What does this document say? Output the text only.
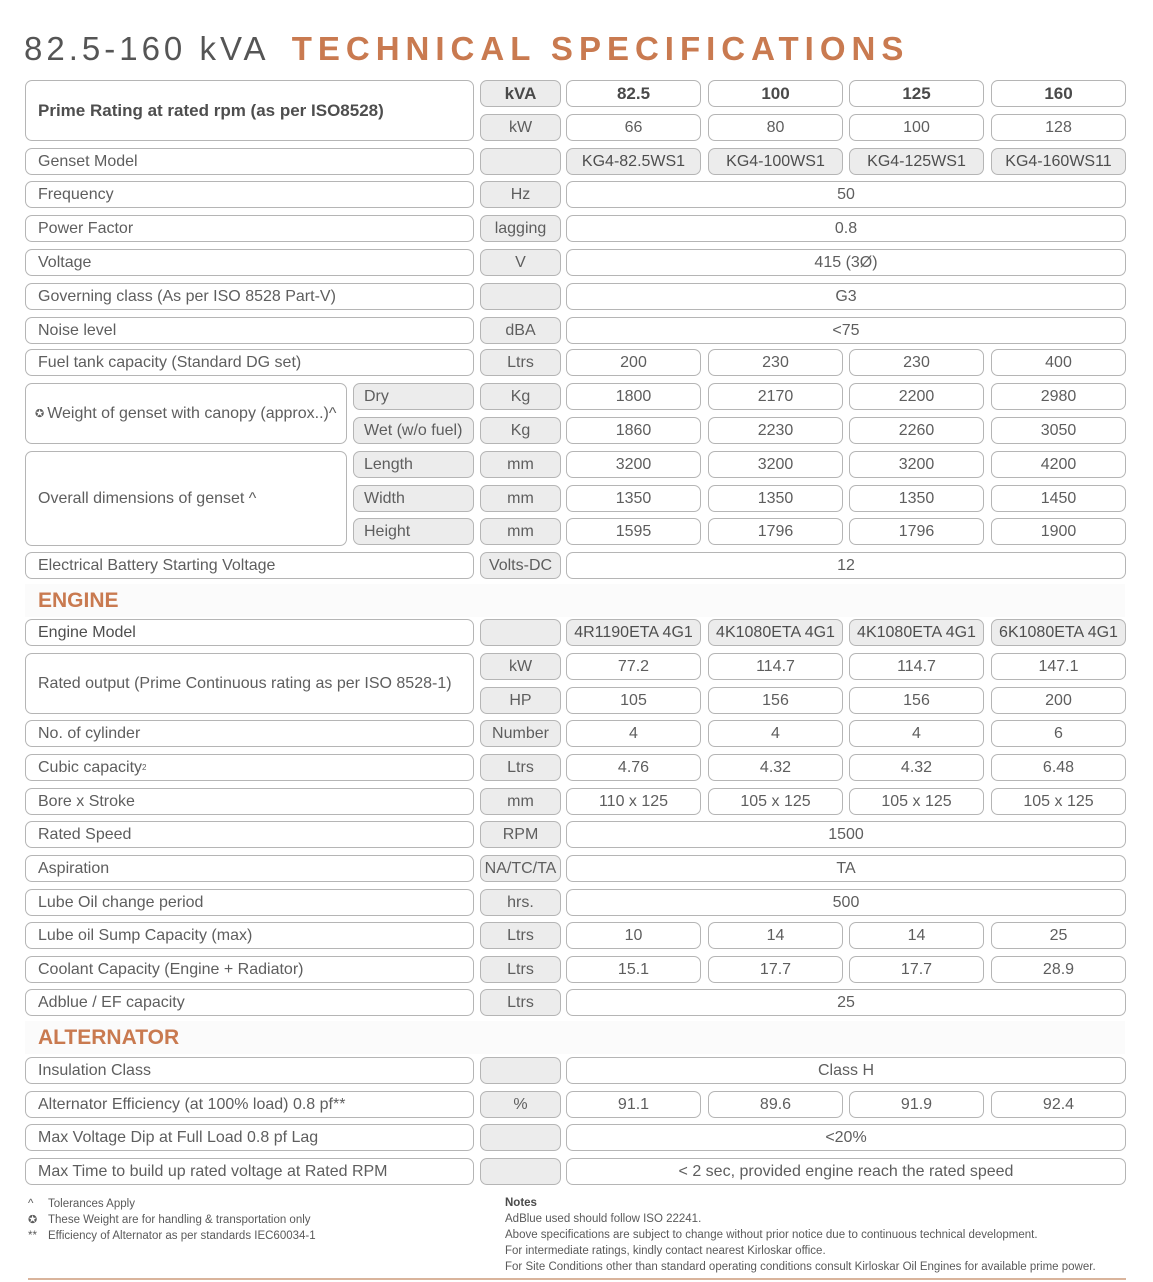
82.5-160 kVA TECHNICAL SPECIFICATIONS
Prime Rating at rated rpm (as per ISO8528)
kVA	82.5	100	125	160
kW	66	80	100	128
Genset Model	KG4-82.5WS1	KG4-100WS1	KG4-125WS1	KG4-160WS11
Frequency	Hz	50
Power Factor	lagging	0.8
Voltage	V	415 (3Ø)
Governing class (As per ISO 8528 Part-V)	G3
Noise level	dBA	<75
Fuel tank capacity (Standard DG set)	Ltrs	200	230	230	400
✪ Weight of genset with canopy (approx..)^
Dry	Kg	1800	2170	2200	2980
Wet (w/o fuel)	Kg	1860	2230	2260	3050
Overall dimensions of genset ^
Length	mm	3200	3200	3200	4200
Width	mm	1350	1350	1350	1450
Height	mm	1595	1796	1796	1900
Electrical Battery Starting Voltage	Volts-DC	12
ENGINE
Engine Model	4R1190ETA 4G1	4K1080ETA 4G1	4K1080ETA 4G1	6K1080ETA 4G1
Rated output (Prime Continuous rating as per ISO 8528-1)
kW	77.2	114.7	114.7	147.1
HP	105	156	156	200
No. of cylinder	Number	4	4	4	6
Cubic capacity 2	Ltrs	4.76	4.32	4.32	6.48
Bore x Stroke	mm	110 x 125	105 x 125	105 x 125	105 x 125
Rated Speed	RPM	1500
Aspiration	NA/TC/TA	TA
Lube Oil change period	hrs.	500
Lube oil Sump Capacity (max)	Ltrs	10	14	14	25
Coolant Capacity (Engine + Radiator)	Ltrs	15.1	17.7	17.7	28.9
Adblue / EF capacity	Ltrs	25
ALTERNATOR
Insulation Class	Class H
Alternator Efficiency (at 100% load) 0.8 pf**	%	91.1	89.6	91.9	92.4
Max Voltage Dip at Full Load 0.8 pf Lag	<20%
Max Time to build up rated voltage at Rated RPM	< 2 sec, provided engine reach the rated speed
^ Tolerances Apply
✪ These Weight are for handling & transportation only
** Efficiency of Alternator as per standards IEC60034-1
Notes
AdBlue used should follow ISO 22241.
Above specifications are subject to change without prior notice due to continuous technical development.
For intermediate ratings, kindly contact nearest Kirloskar office.
For Site Conditions other than standard operating conditions consult Kirloskar Oil Engines for available prime power.
